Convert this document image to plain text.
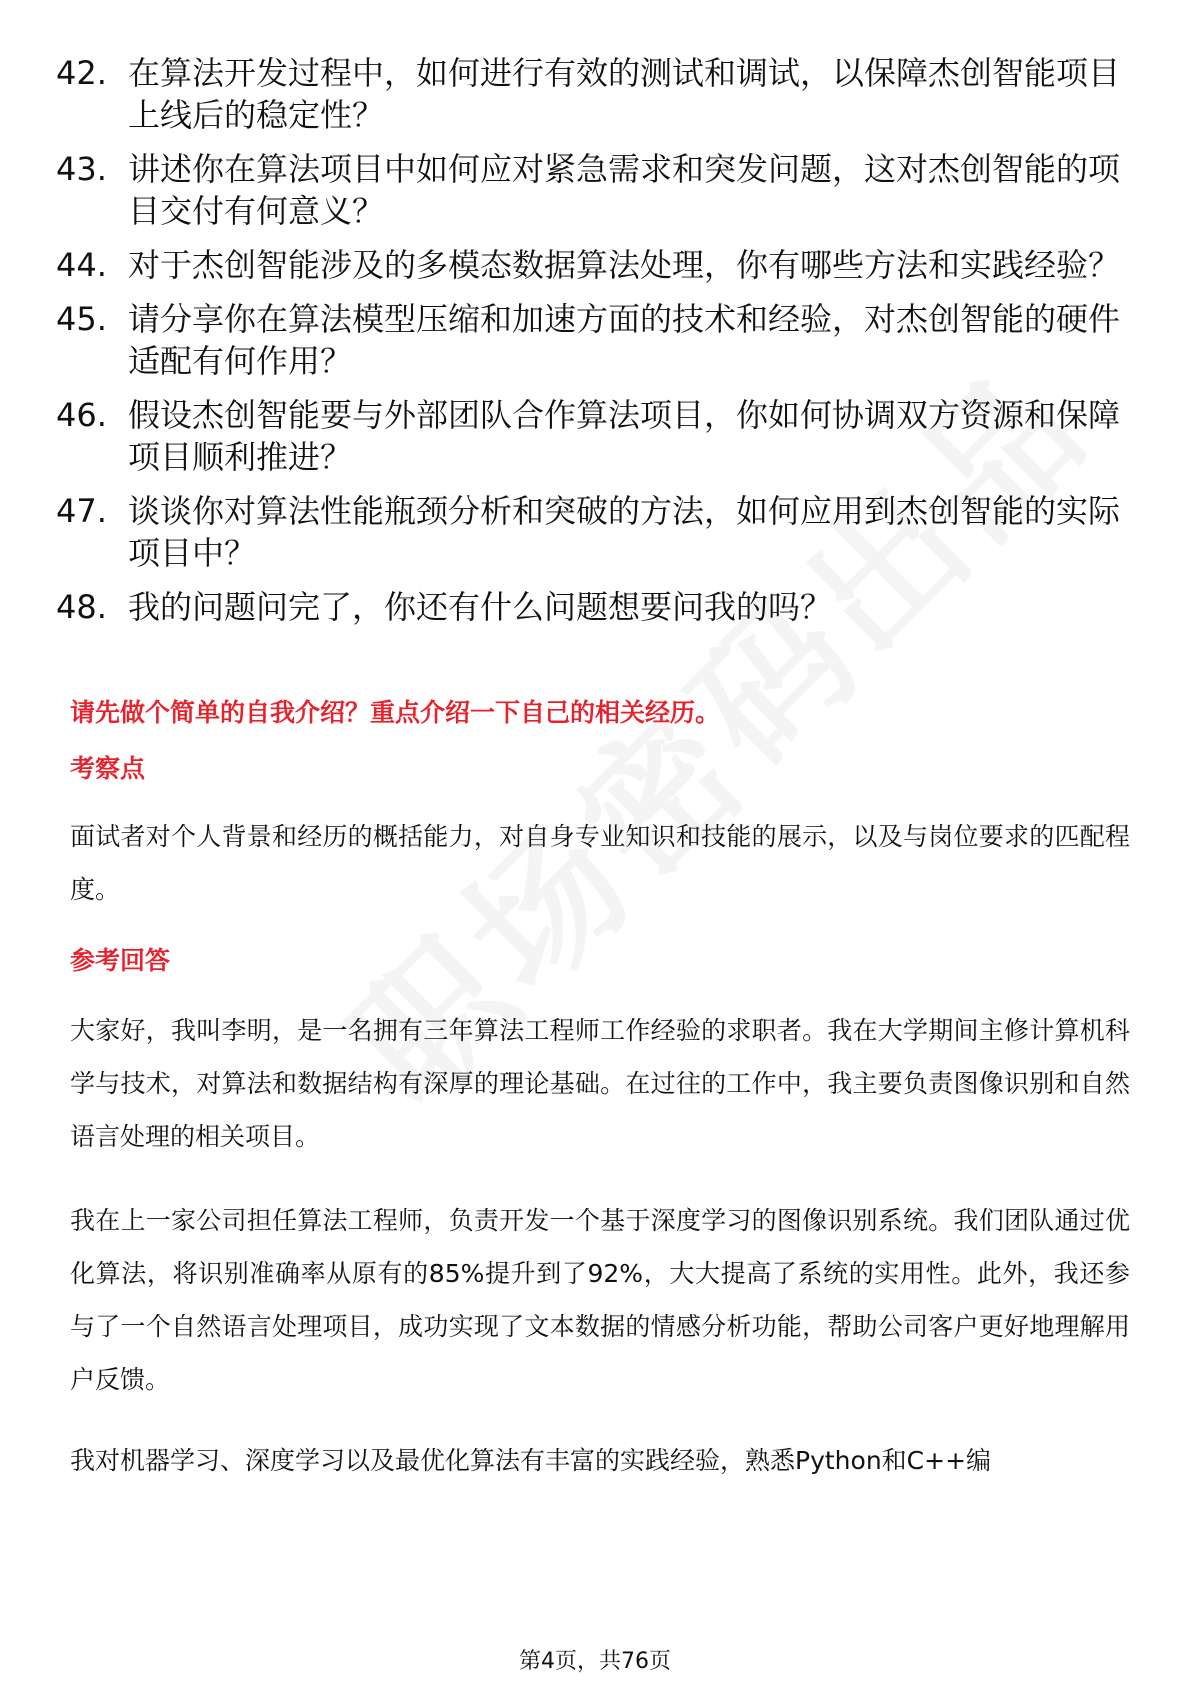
42. 在算法开发过程中，如何进行有效的测试和调试，以保障杰创智能项目上线后的稳定性？
43. 讲述你在算法项目中如何应对紧急需求和突发问题，这对杰创智能的项目交付有何意义？
44. 对于杰创智能涉及的多模态数据算法处理，你有哪些方法和实践经验？
45. 请分享你在算法模型压缩和加速方面的技术和经验，对杰创智能的硬件适配有何作用？
46. 假设杰创智能要与外部团队合作算法项目，你如何协调双方资源和保障项目顺利推进？
47. 谈谈你对算法性能瓶颈分析和突破的方法，如何应用到杰创智能的实际项目中？
48. 我的问题问完了，你还有什么问题想要问我的吗？
请先做个简单的自我介绍？重点介绍一下自己的相关经历。
考察点
面试者对个人背景和经历的概括能力，对自身专业知识和技能的展示，以及与岗位要求的匹配程度。
参考回答
大家好，我叫李明，是一名拥有三年算法工程师工作经验的求职者。我在大学期间主修计算机科学与技术，对算法和数据结构有深厚的理论基础。在过往的工作中，我主要负责图像识别和自然语言处理的相关项目。
我在上一家公司担任算法工程师，负责开发一个基于深度学习的图像识别系统。我们团队通过优化算法，将识别准确率从原有的85%提升到了92%，大大提高了系统的实用性。此外，我还参与了一个自然语言处理项目，成功实现了文本数据的情感分析功能，帮助公司客户更好地理解用户反馈。
我对机器学习、深度学习以及最优化算法有丰富的实践经验，熟悉Python和C++编
第4页，共76页
